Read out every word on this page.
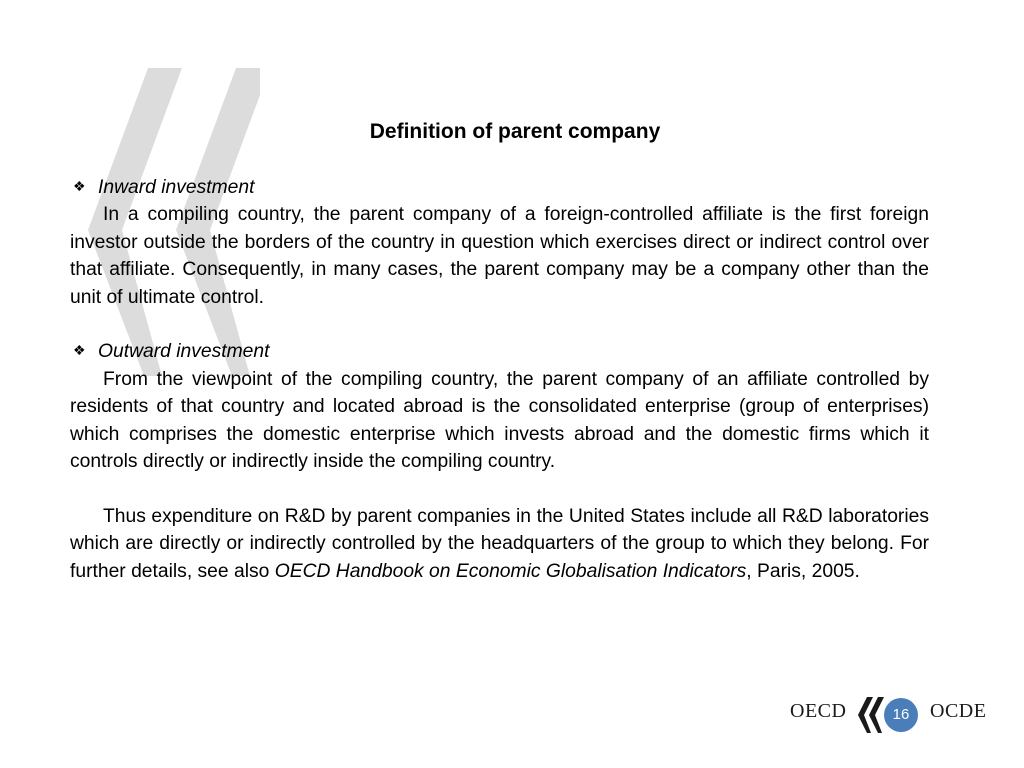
Definition of parent company
❖ Inward investment

In a compiling country, the parent company of a foreign-controlled affiliate is the first foreign investor outside the borders of the country in question which exercises direct or indirect control over that affiliate. Consequently, in many cases, the parent company may be a company other than the unit of ultimate control.

❖ Outward investment

From the viewpoint of the compiling country, the parent company of an affiliate controlled by residents of that country and located abroad is the consolidated enterprise (group of enterprises) which comprises the domestic enterprise which invests abroad and the domestic firms which it controls directly or indirectly inside the compiling country.

Thus expenditure on R&D by parent companies in the United States include all R&D laboratories which are directly or indirectly controlled by the headquarters of the group to which they belong. For further details, see also OECD Handbook on Economic Globalisation Indicators, Paris, 2005.

OECD	16	OCDE
